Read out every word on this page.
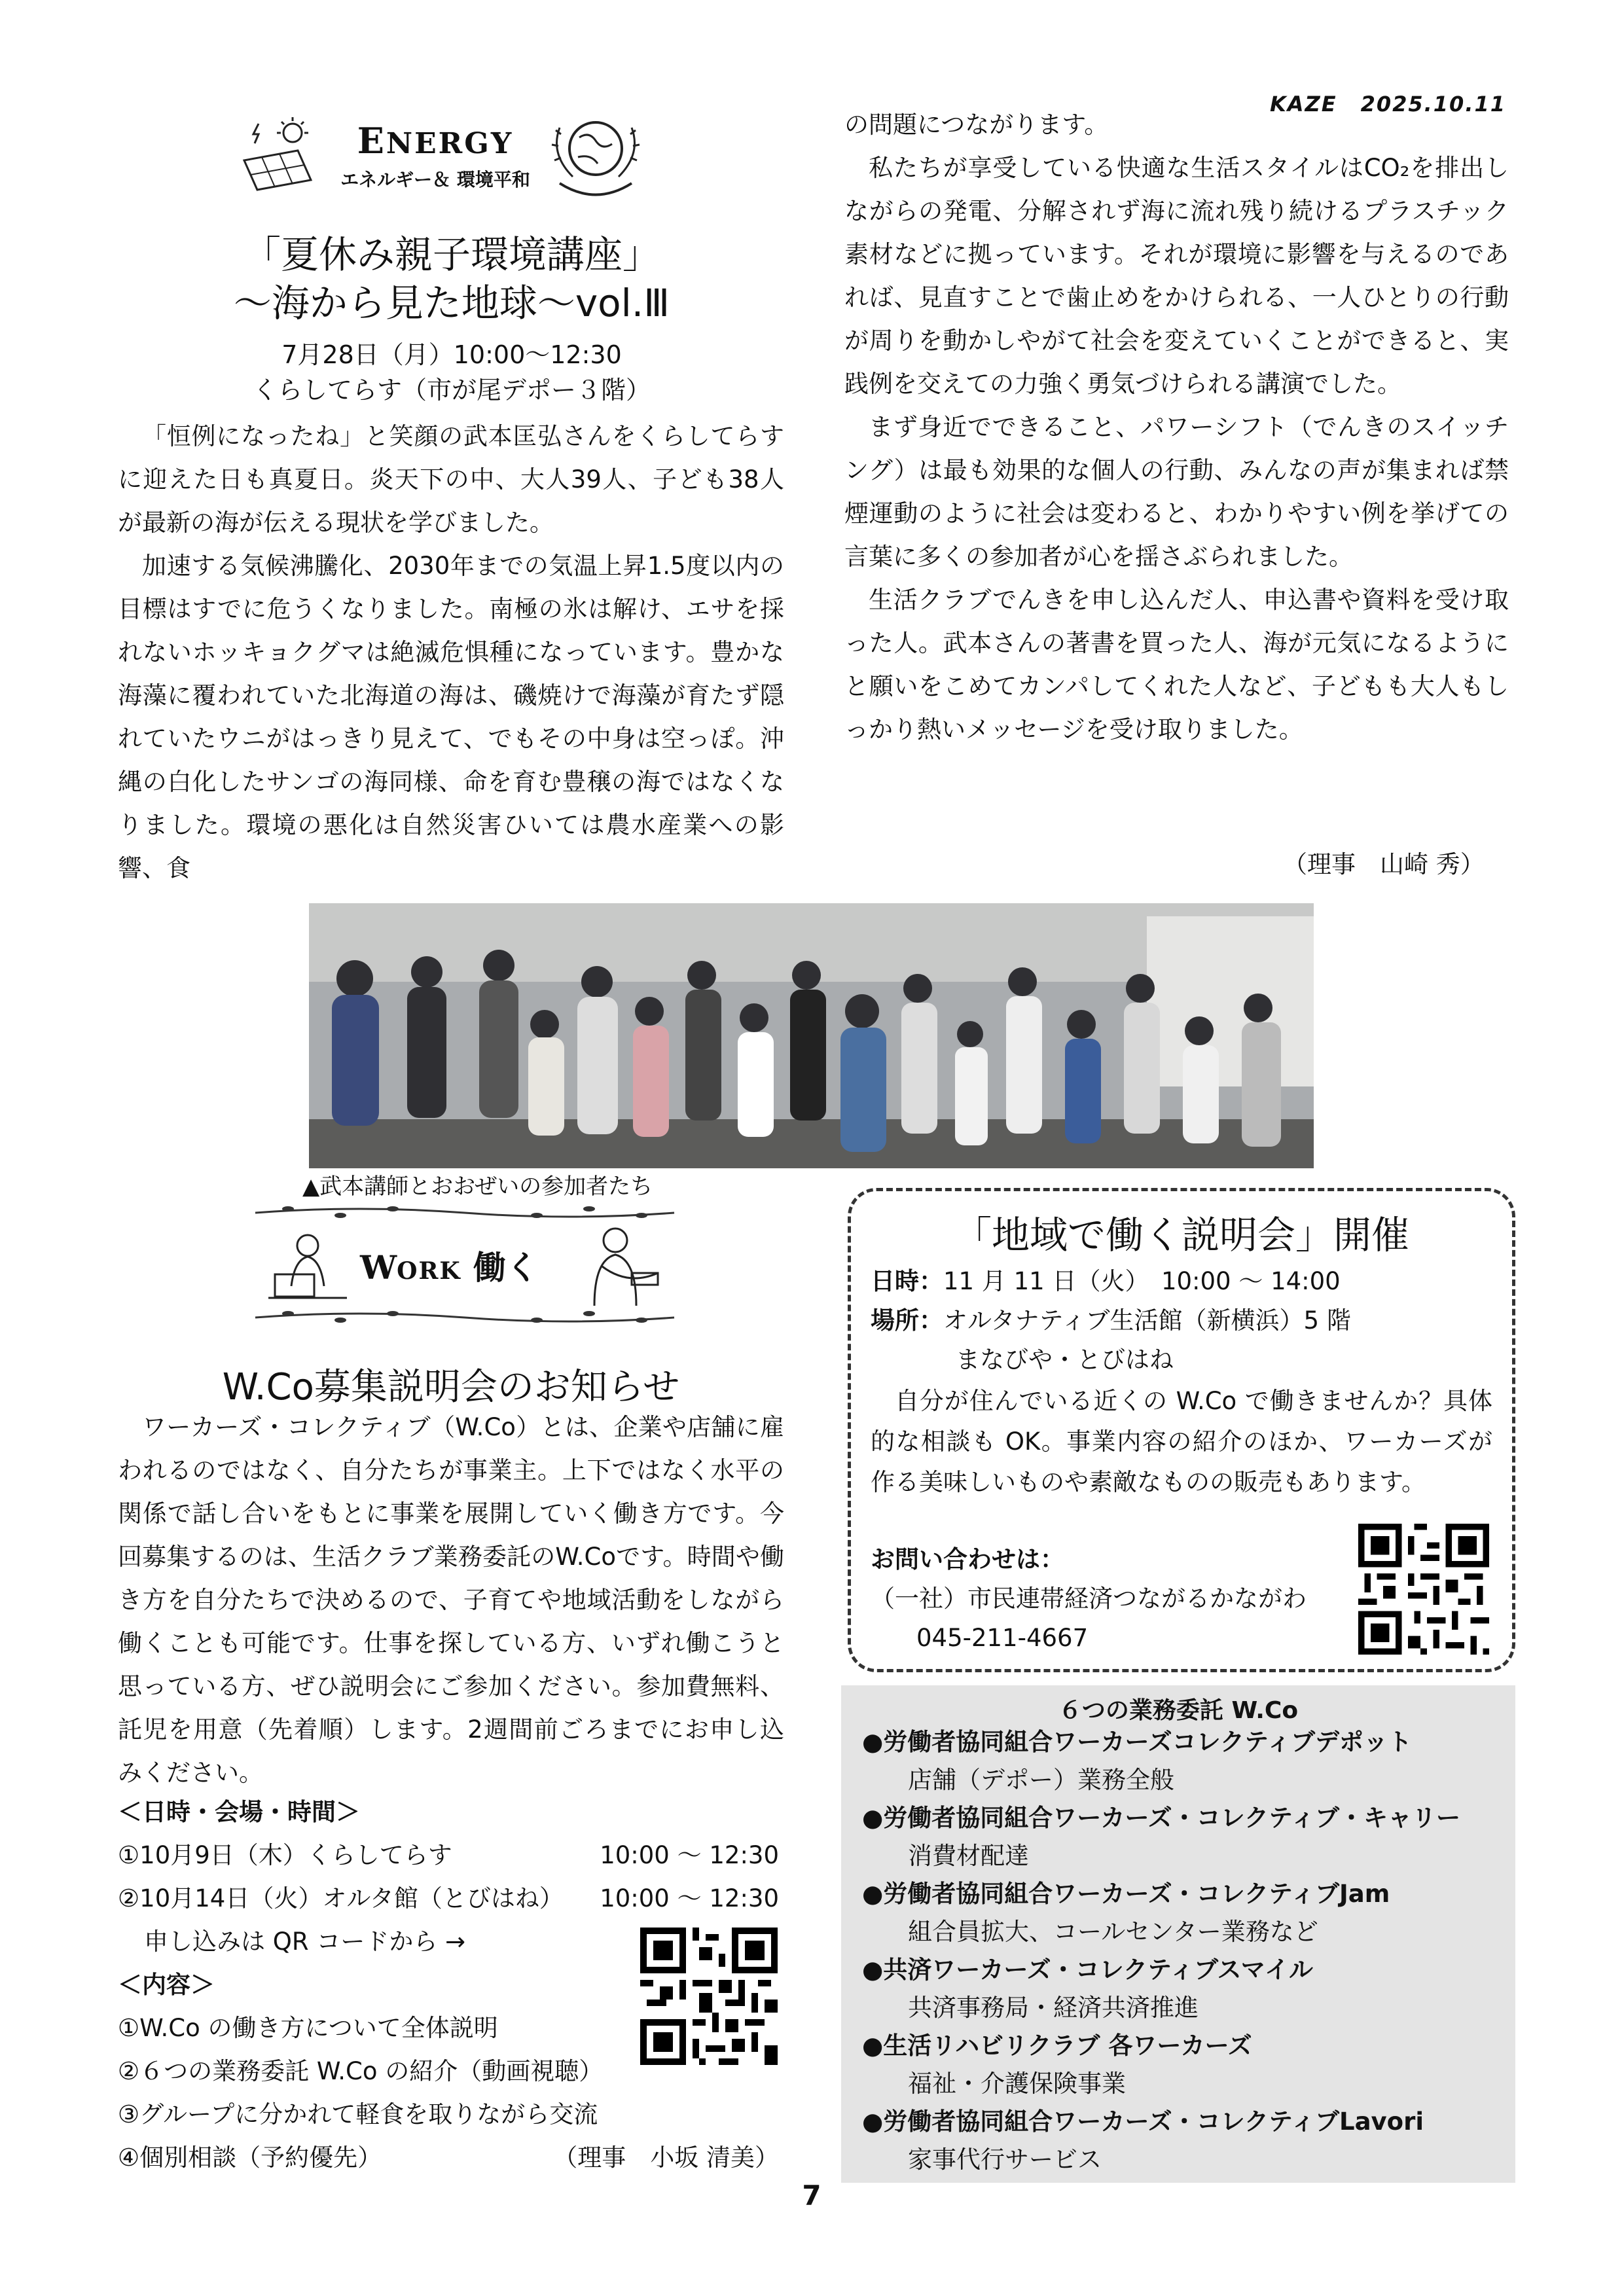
KAZE 2025.10.11
ENERGY
エネルギー＆ 環境平和
「夏休み親子環境講座」
～海から見た地球～vol.Ⅲ
7月28日（月）10:00～12:30
くらしてらす（市が尾デポー３階）

「恒例になったね」と笑顔の武本匡弘さんをくらしてらすに迎えた日も真夏日。炎天下の中、大人39人、子ども38人が最新の海が伝える現状を学びました。

加速する気候沸騰化、2030年までの気温上昇1.5度以内の目標はすでに危うくなりました。南極の氷は解け、エサを採れないホッキョクグマは絶滅危惧種になっています。豊かな海藻に覆われていた北海道の海は、磯焼けで海藻が育たず隠れていたウニがはっきり見えて、でもその中身は空っぽ。沖縄の白化したサンゴの海同様、命を育む豊穣の海ではなくなりました。環境の悪化は自然災害ひいては農水産業への影響、食

の問題につながります。

私たちが享受している快適な生活スタイルはCO₂を排出しながらの発電、分解されず海に流れ残り続けるプラスチック素材などに拠っています。それが環境に影響を与えるのであれば、見直すことで歯止めをかけられる、一人ひとりの行動が周りを動かしやがて社会を変えていくことができると、実践例を交えての力強く勇気づけられる講演でした。

まず身近でできること、パワーシフト（でんきのスイッチング）は最も効果的な個人の行動、みんなの声が集まれば禁煙運動のように社会は変わると、わかりやすい例を挙げての言葉に多くの参加者が心を揺さぶられました。

生活クラブでんきを申し込んだ人、申込書や資料を受け取った人。武本さんの著書を買った人、海が元気になるようにと願いをこめてカンパしてくれた人など、子どもも大人もしっかり熱いメッセージを受け取りました。

（理事　山崎 秀）
▲武本講師とおおぜいの参加者たち
WORK 働く
W.Co募集説明会のお知らせ

ワーカーズ・コレクティブ（W.Co）とは、企業や店舗に雇われるのではなく、自分たちが事業主。上下ではなく水平の関係で話し合いをもとに事業を展開していく働き方です。今回募集するのは、生活クラブ業務委託のW.Coです。時間や働き方を自分たちで決めるので、子育てや地域活動をしながら働くことも可能です。仕事を探している方、いずれ働こうと思っている方、ぜひ説明会にご参加ください。参加費無料、託児を用意（先着順）します。2週間前ごろまでにお申し込みください。

＜日時・会場・時間＞
①10月9日（木）くらしてらす	10:00 ～ 12:30
②10月14日（火）オルタ館（とびはね） 10:00 ～ 12:30
申し込みは QR コードから →
＜内容＞
①W.Co の働き方について全体説明
②６つの業務委託 W.Co の紹介（動画視聴）
③グループに分かれて軽食を取りながら交流
④個別相談（予約優先）	（理事　小坂 清美）
「地域で働く説明会」開催
日時：11 月 11 日（火）　10:00 ～ 14:00
場所：オルタナティブ生活館（新横浜）5 階
まなびや・とびはね

自分が住んでいる近くの W.Co で働きませんか？具体的な相談も OK。事業内容の紹介のほか、ワーカーズが作る美味しいものや素敵なものの販売もあります。

お問い合わせは：
（一社）市民連帯経済つながるかながわ
045-211-4667
６つの業務委託 W.Co
●労働者協同組合ワーカーズコレクティブデポット
店舗（デポー）業務全般
●労働者協同組合ワーカーズ・コレクティブ・キャリー
消費材配達
●労働者協同組合ワーカーズ・コレクティブJam
組合員拡大、コールセンター業務など
●共済ワーカーズ・コレクティブスマイル
共済事務局・経済共済推進
●生活リハビリクラブ 各ワーカーズ
福祉・介護保険事業
●労働者協同組合ワーカーズ・コレクティブLavori
家事代行サービス
7
